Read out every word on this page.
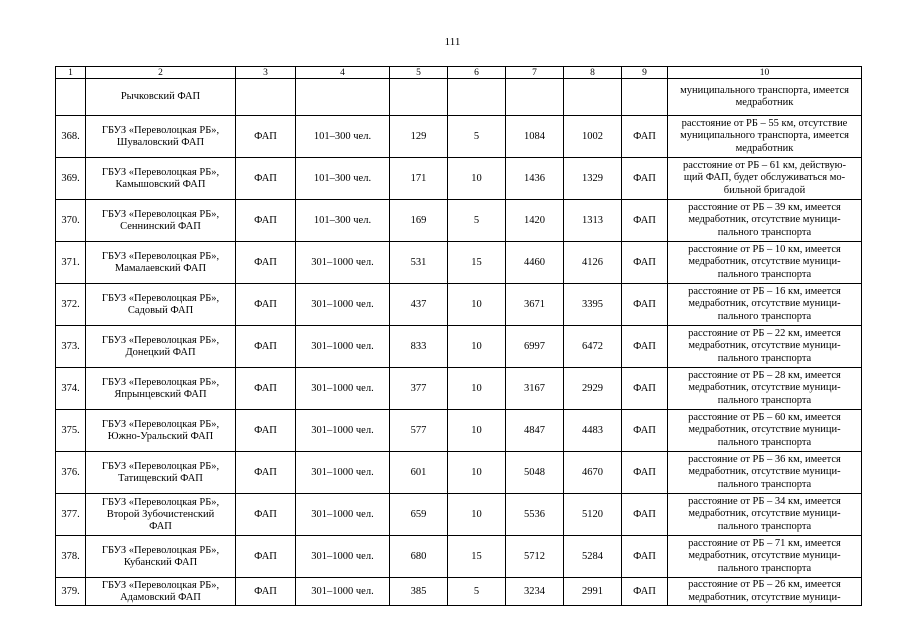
111
1	2	3	4	5	6	7	8	9	10

	Рычковский ФАП								муниципального транспорта, имеется
медработник

368.	ГБУЗ «Переволоцкая РБ»,
Шуваловский ФАП	ФАП	101–300 чел.	129	5	1084	1002	ФАП	расстояние от РБ – 55 км, отсутствие
муниципального транспорта, имеется
медработник

369.	ГБУЗ «Переволоцкая РБ»,
Камышовский ФАП	ФАП	101–300 чел.	171	10	1436	1329	ФАП	расстояние от РБ – 61 км, действую-
щий ФАП, будет обслуживаться мо-
бильной бригадой

370.	ГБУЗ «Переволоцкая РБ»,
Сеннинский ФАП	ФАП	101–300 чел.	169	5	1420	1313	ФАП	расстояние от РБ – 39 км, имеется
медработник, отсутствие муници-
пального транспорта

371.	ГБУЗ «Переволоцкая РБ»,
Мамалаевский ФАП	ФАП	301–1000 чел.	531	15	4460	4126	ФАП	расстояние от РБ – 10 км, имеется
медработник, отсутствие муници-
пального транспорта

372.	ГБУЗ «Переволоцкая РБ»,
Садовый ФАП	ФАП	301–1000 чел.	437	10	3671	3395	ФАП	расстояние от РБ – 16 км, имеется
медработник, отсутствие муници-
пального транспорта

373.	ГБУЗ «Переволоцкая РБ»,
Донецкий ФАП	ФАП	301–1000 чел.	833	10	6997	6472	ФАП	расстояние от РБ – 22 км, имеется
медработник, отсутствие муници-
пального транспорта

374.	ГБУЗ «Переволоцкая РБ»,
Япрынцевский ФАП	ФАП	301–1000 чел.	377	10	3167	2929	ФАП	расстояние от РБ – 28 км, имеется
медработник, отсутствие муници-
пального транспорта

375.	ГБУЗ «Переволоцкая РБ»,
Южно-Уральский ФАП	ФАП	301–1000 чел.	577	10	4847	4483	ФАП	расстояние от РБ – 60 км, имеется
медработник, отсутствие муници-
пального транспорта

376.	ГБУЗ «Переволоцкая РБ»,
Татищевский ФАП	ФАП	301–1000 чел.	601	10	5048	4670	ФАП	расстояние от РБ – 36 км, имеется
медработник, отсутствие муници-
пального транспорта

377.	ГБУЗ «Переволоцкая РБ»,
Второй Зубочистенский
ФАП	ФАП	301–1000 чел.	659	10	5536	5120	ФАП	расстояние от РБ – 34 км, имеется
медработник, отсутствие муници-
пального транспорта

378.	ГБУЗ «Переволоцкая РБ»,
Кубанский ФАП	ФАП	301–1000 чел.	680	15	5712	5284	ФАП	расстояние от РБ – 71 км, имеется
медработник, отсутствие муници-
пального транспорта

379.	ГБУЗ «Переволоцкая РБ»,
Адамовский ФАП	ФАП	301–1000 чел.	385	5	3234	2991	ФАП	расстояние от РБ – 26 км, имеется
медработник, отсутствие муници-
